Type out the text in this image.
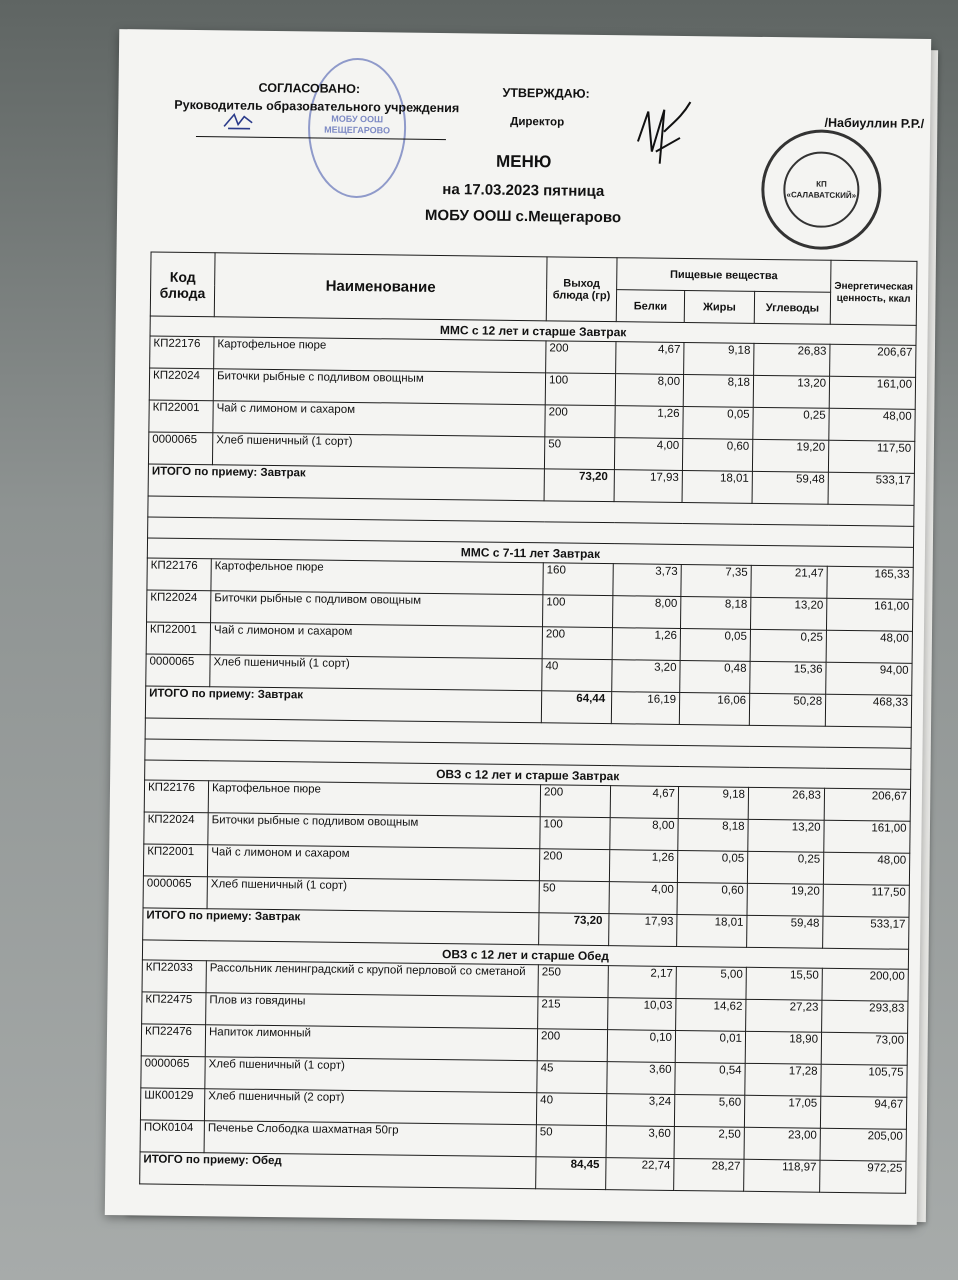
МОБУ ООШ МЕЩЕГАРОВО
СОГЛАСОВАНО:
Руководитель образовательного учреждения
УТВЕРЖДАЮ:
Директор	/Набиуллин Р.Р./
КП
«САЛАВАТСКИЙ»
МЕНЮ
на 17.03.2023 пятница
МОБУ ООШ с.Мещегарово
Код блюда	Наименование	Выход блюда (гр)	Пищевые вещества			Энергетическая ценность, ккал
			Белки	Жиры	Углеводы	
ММС с 12 лет и старше Завтрак						
КП22176	Картофельное пюре	200	4,67	9,18	26,83	206,67
КП22024	Биточки рыбные с подливом овощным	100	8,00	8,18	13,20	161,00
КП22001	Чай с лимоном и сахаром	200	1,26	0,05	0,25	48,00
0000065	Хлеб пшеничный (1 сорт)	50	4,00	0,60	19,20	117,50
ИТОГО по приему: Завтрак		73,20	17,93	18,01	59,48	533,17

ММС с 7-11 лет Завтрак						
КП22176	Картофельное пюре	160	3,73	7,35	21,47	165,33
КП22024	Биточки рыбные с подливом овощным	100	8,00	8,18	13,20	161,00
КП22001	Чай с лимоном и сахаром	200	1,26	0,05	0,25	48,00
0000065	Хлеб пшеничный (1 сорт)	40	3,20	0,48	15,36	94,00
ИТОГО по приему: Завтрак		64,44	16,19	16,06	50,28	468,33

ОВЗ с 12 лет и старше Завтрак						
КП22176	Картофельное пюре	200	4,67	9,18	26,83	206,67
КП22024	Биточки рыбные с подливом овощным	100	8,00	8,18	13,20	161,00
КП22001	Чай с лимоном и сахаром	200	1,26	0,05	0,25	48,00
0000065	Хлеб пшеничный (1 сорт)	50	4,00	0,60	19,20	117,50
ИТОГО по приему: Завтрак		73,20	17,93	18,01	59,48	533,17
ОВЗ с 12 лет и старше Обед						
КП22033	Рассольник ленинградский с крупой перловой со сметаной	250	2,17	5,00	15,50	200,00
КП22475	Плов из говядины	215	10,03	14,62	27,23	293,83
КП22476	Напиток лимонный	200	0,10	0,01	18,90	73,00
0000065	Хлеб пшеничный (1 сорт)	45	3,60	0,54	17,28	105,75
ШК00129	Хлеб пшеничный (2 сорт)	40	3,24	5,60	17,05	94,67
ПОК0104	Печенье Слободка шахматная 50гр	50	3,60	2,50	23,00	205,00
ИТОГО по приему: Обед		84,45	22,74	28,27	118,97	972,25
